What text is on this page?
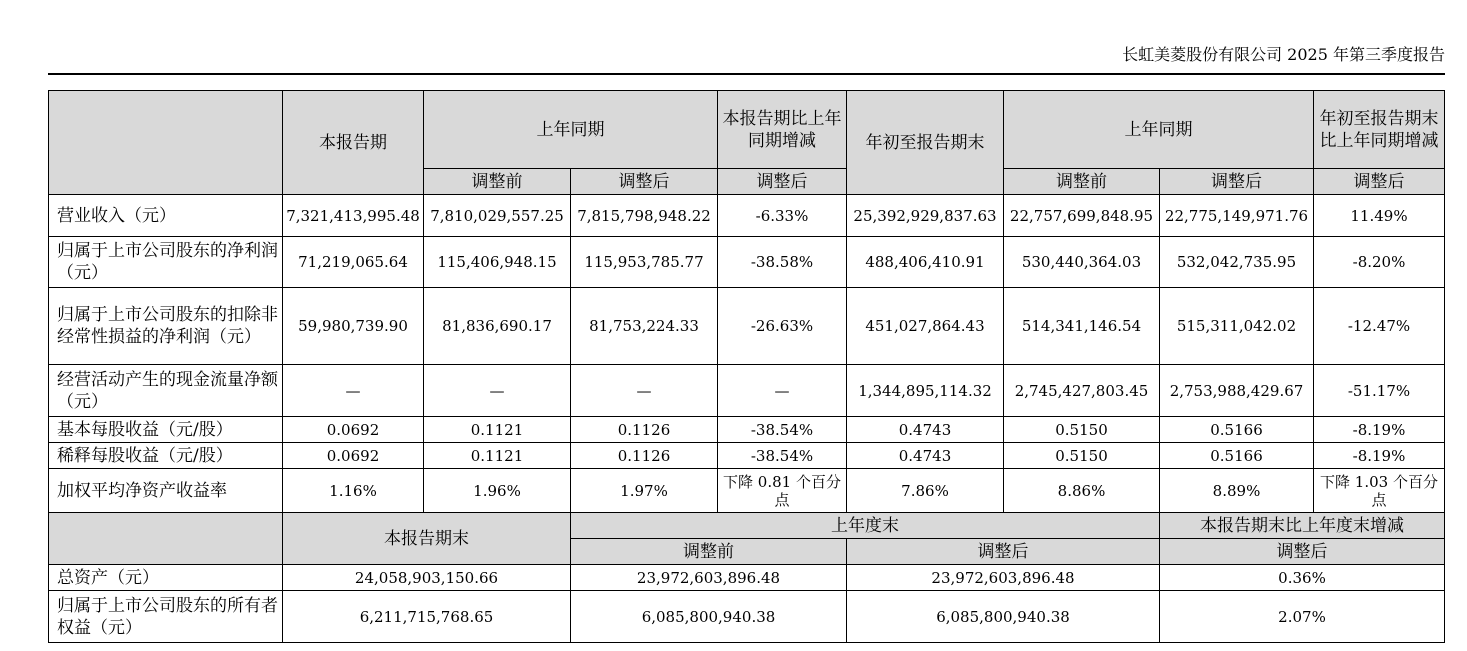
长虹美菱股份有限公司 2025 年第三季度报告
	本报告期	上年同期		本报告期比上年同期增减	年初至报告期末	上年同期		年初至报告期末比上年同期增减
		调整前	调整后	调整后		调整前	调整后	调整后
营业收入（元）	7,321,413,995.48	7,810,029,557.25	7,815,798,948.22	-6.33%	25,392,929,837.63	22,757,699,848.95	22,775,149,971.76	11.49%
归属于上市公司股东的净利润（元）	71,219,065.64	115,406,948.15	115,953,785.77	-38.58%	488,406,410.91	530,440,364.03	532,042,735.95	-8.20%
归属于上市公司股东的扣除非经常性损益的净利润（元）	59,980,739.90	81,836,690.17	81,753,224.33	-26.63%	451,027,864.43	514,341,146.54	515,311,042.02	-12.47%
经营活动产生的现金流量净额（元）	—	—	—	—	1,344,895,114.32	2,745,427,803.45	2,753,988,429.67	-51.17%
基本每股收益（元/股）	0.0692	0.1121	0.1126	-38.54%	0.4743	0.5150	0.5166	-8.19%
稀释每股收益（元/股）	0.0692	0.1121	0.1126	-38.54%	0.4743	0.5150	0.5166	-8.19%
加权平均净资产收益率	1.16%	1.96%	1.97%	下降 0.81 个百分点	7.86%	8.86%	8.89%	下降 1.03 个百分点
	本报告期末		上年度末				本报告期末比上年度末增减	
			调整前		调整后		调整后	
总资产（元）	24,058,903,150.66		23,972,603,896.48		23,972,603,896.48		0.36%	
归属于上市公司股东的所有者权益（元）	6,211,715,768.65		6,085,800,940.38		6,085,800,940.38		2.07%	
